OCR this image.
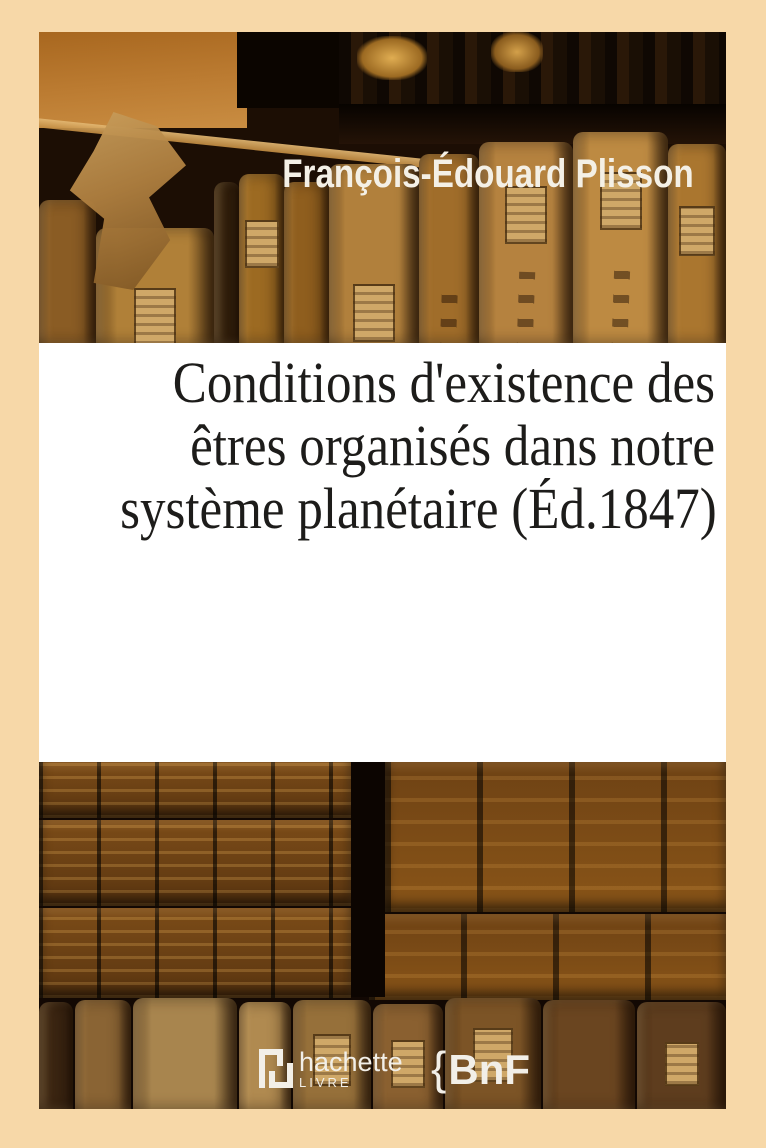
François-Édouard Plisson
Conditions d'existence des
êtres organisés dans notre
système planétaire (Éd.1847)
hachette
LIVRE	{ BnF
